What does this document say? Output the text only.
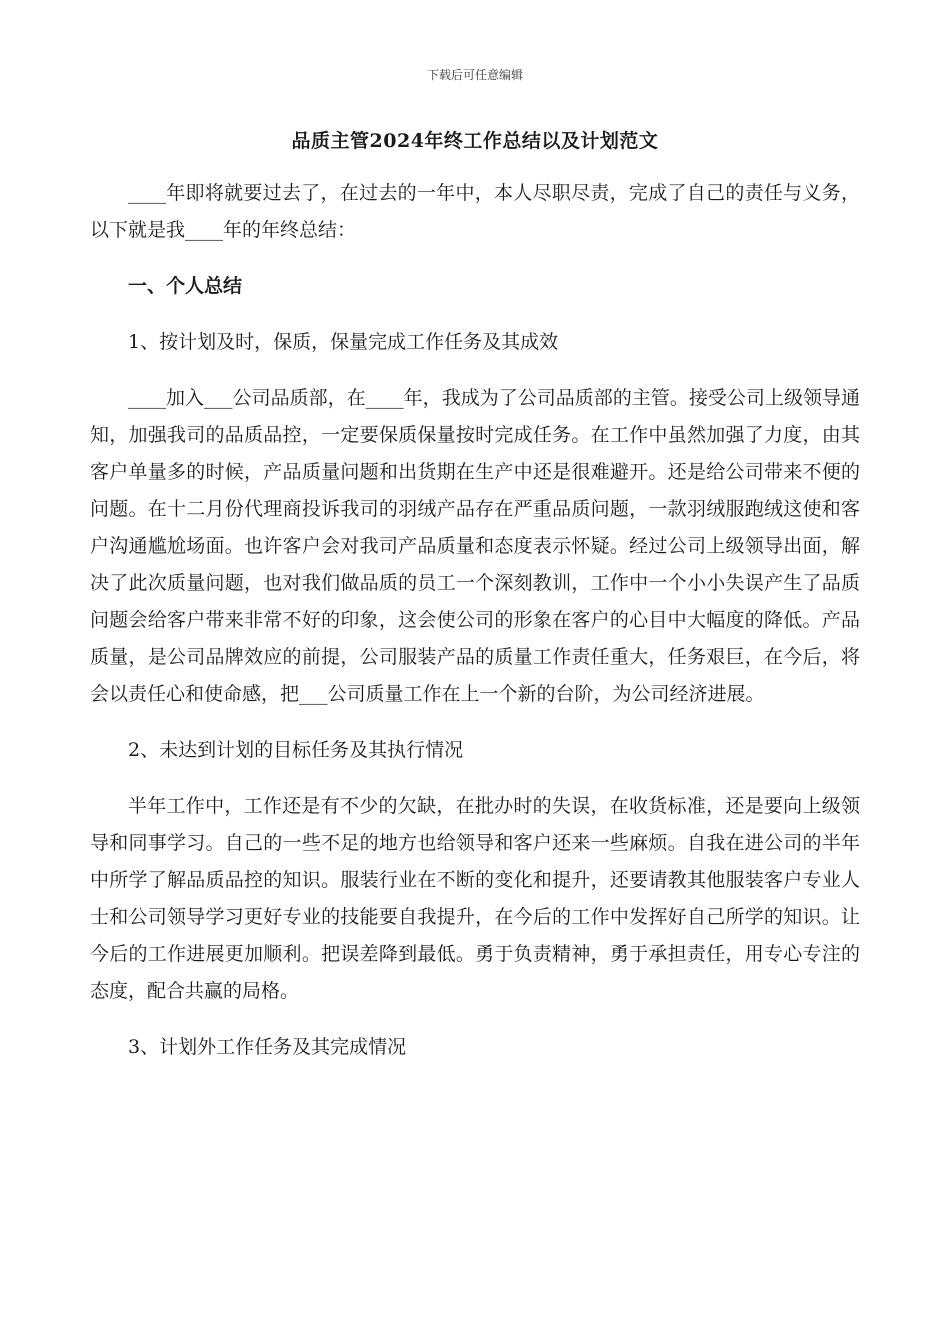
下载后可任意编辑
品质主管2024年终工作总结以及计划范文

____年即将就要过去了，在过去的一年中，本人尽职尽责，完成了自己的责任与义务，以下就是我____年的年终总结：

一、个人总结

1、按计划及时，保质，保量完成工作任务及其成效

____加入___公司品质部，在____年，我成为了公司品质部的主管。接受公司上级领导通知，加强我司的品质品控，一定要保质保量按时完成任务。在工作中虽然加强了力度，由其客户单量多的时候，产品质量问题和出货期在生产中还是很难避开。还是给公司带来不便的问题。在十二月份代理商投诉我司的羽绒产品存在严重品质问题，一款羽绒服跑绒这使和客户沟通尴尬场面。也许客户会对我司产品质量和态度表示怀疑。经过公司上级领导出面，解决了此次质量问题，也对我们做品质的员工一个深刻教训，工作中一个小小失误产生了品质问题会给客户带来非常不好的印象，这会使公司的形象在客户的心目中大幅度的降低。产品质量，是公司品牌效应的前提，公司服装产品的质量工作责任重大，任务艰巨，在今后，将会以责任心和使命感，把___公司质量工作在上一个新的台阶，为公司经济进展。

2、未达到计划的目标任务及其执行情况

半年工作中，工作还是有不少的欠缺，在批办时的失误，在收货标准，还是要向上级领导和同事学习。自己的一些不足的地方也给领导和客户还来一些麻烦。自我在进公司的半年中所学了解品质品控的知识。服装行业在不断的变化和提升，还要请教其他服装客户专业人士和公司领导学习更好专业的技能要自我提升，在今后的工作中发挥好自己所学的知识。让今后的工作进展更加顺利。把误差降到最低。勇于负责精神，勇于承担责任，用专心专注的态度，配合共赢的局格。

3、计划外工作任务及其完成情况
